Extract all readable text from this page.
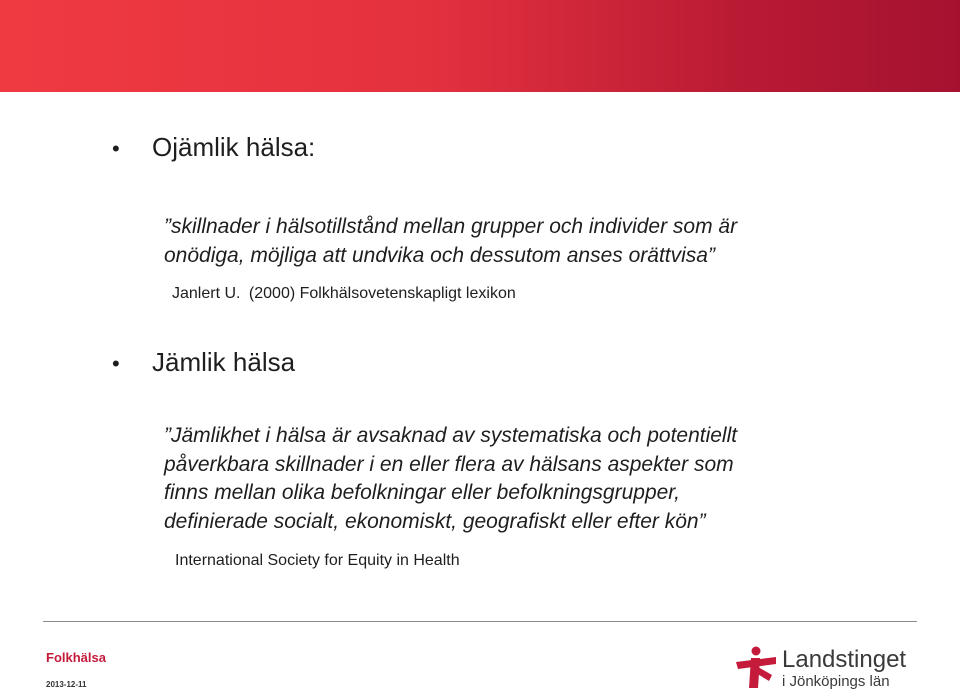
•	Ojämlik hälsa:
”skillnader i hälsotillstånd mellan grupper och individer som är
onödiga, möjliga att undvika och dessutom anses orättvisa”
Janlert U. (2000) Folkhälsovetenskapligt lexikon
•	Jämlik hälsa
”Jämlikhet i hälsa är avsaknad av systematiska och potentiellt
påverkbara skillnader i en eller flera av hälsans aspekter som
finns mellan olika befolkningar eller befolkningsgrupper,
definierade socialt, ekonomiskt, geografiskt eller efter kön”
International Society for Equity in Health
Folkhälsa
2013-12-11
Landstinget
i Jönköpings län
